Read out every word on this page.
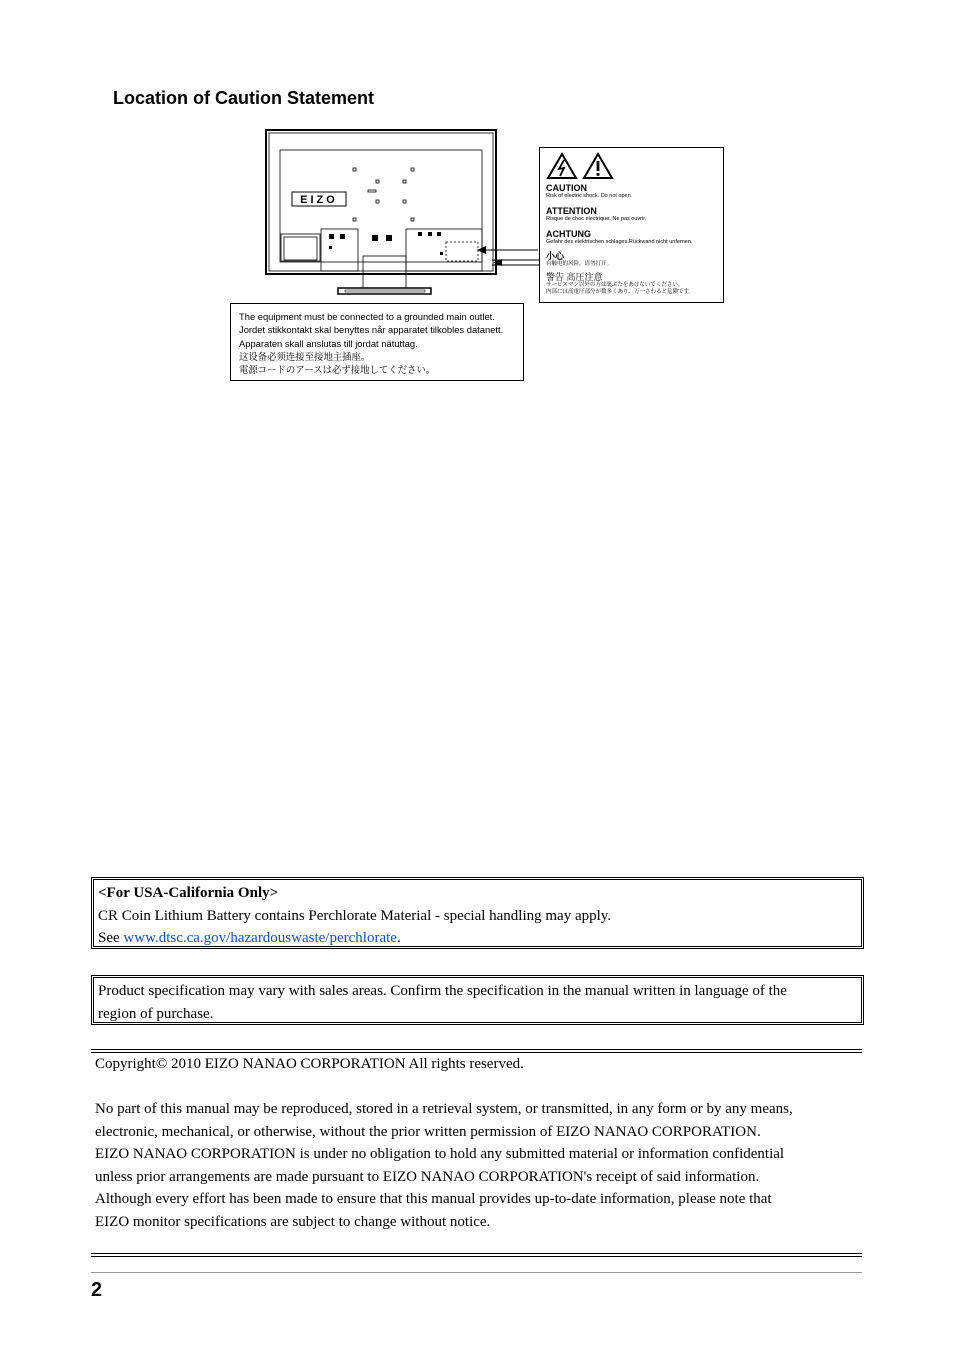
Location of Caution Statement
EIZO
The equipment must be connected to a grounded main outlet.
Jordet stikkontakt skal benyttes når apparatet tilkobles datanett.
Apparaten skall anslutas till jordat nätuttag.
这设备必须连接至接地主插座。
電源コードのアースは必ず接地してください。
CAUTION
Risk of electric shock. Do not open.
ATTENTION
Risque de choc electrique. Ne pas ouvrir.
ACHTUNG
Gefahr des elektrischen schlages.Rückwand nicht unfernen.
小心
有触电的风险，请勿打开。
警告 高圧注意
サービスマン以外の方は裏ぶたをあけないでください。
内部には高電圧部分が数多くあり、万一さわると危険です。
<For USA-California Only>
CR Coin Lithium Battery contains Perchlorate Material - special handling may apply.
See www.dtsc.ca.gov/hazardouswaste/perchlorate.
Product specification may vary with sales areas. Confirm the specification in the manual written in language of the
region of purchase.
Copyright© 2010 EIZO NANAO CORPORATION All rights reserved.
No part of this manual may be reproduced, stored in a retrieval system, or transmitted, in any form or by any means,
electronic, mechanical, or otherwise, without the prior written permission of EIZO NANAO CORPORATION.
EIZO NANAO CORPORATION is under no obligation to hold any submitted material or information confidential
unless prior arrangements are made pursuant to EIZO NANAO CORPORATION's receipt of said information.
Although every effort has been made to ensure that this manual provides up-to-date information, please note that
EIZO monitor specifications are subject to change without notice.
2
